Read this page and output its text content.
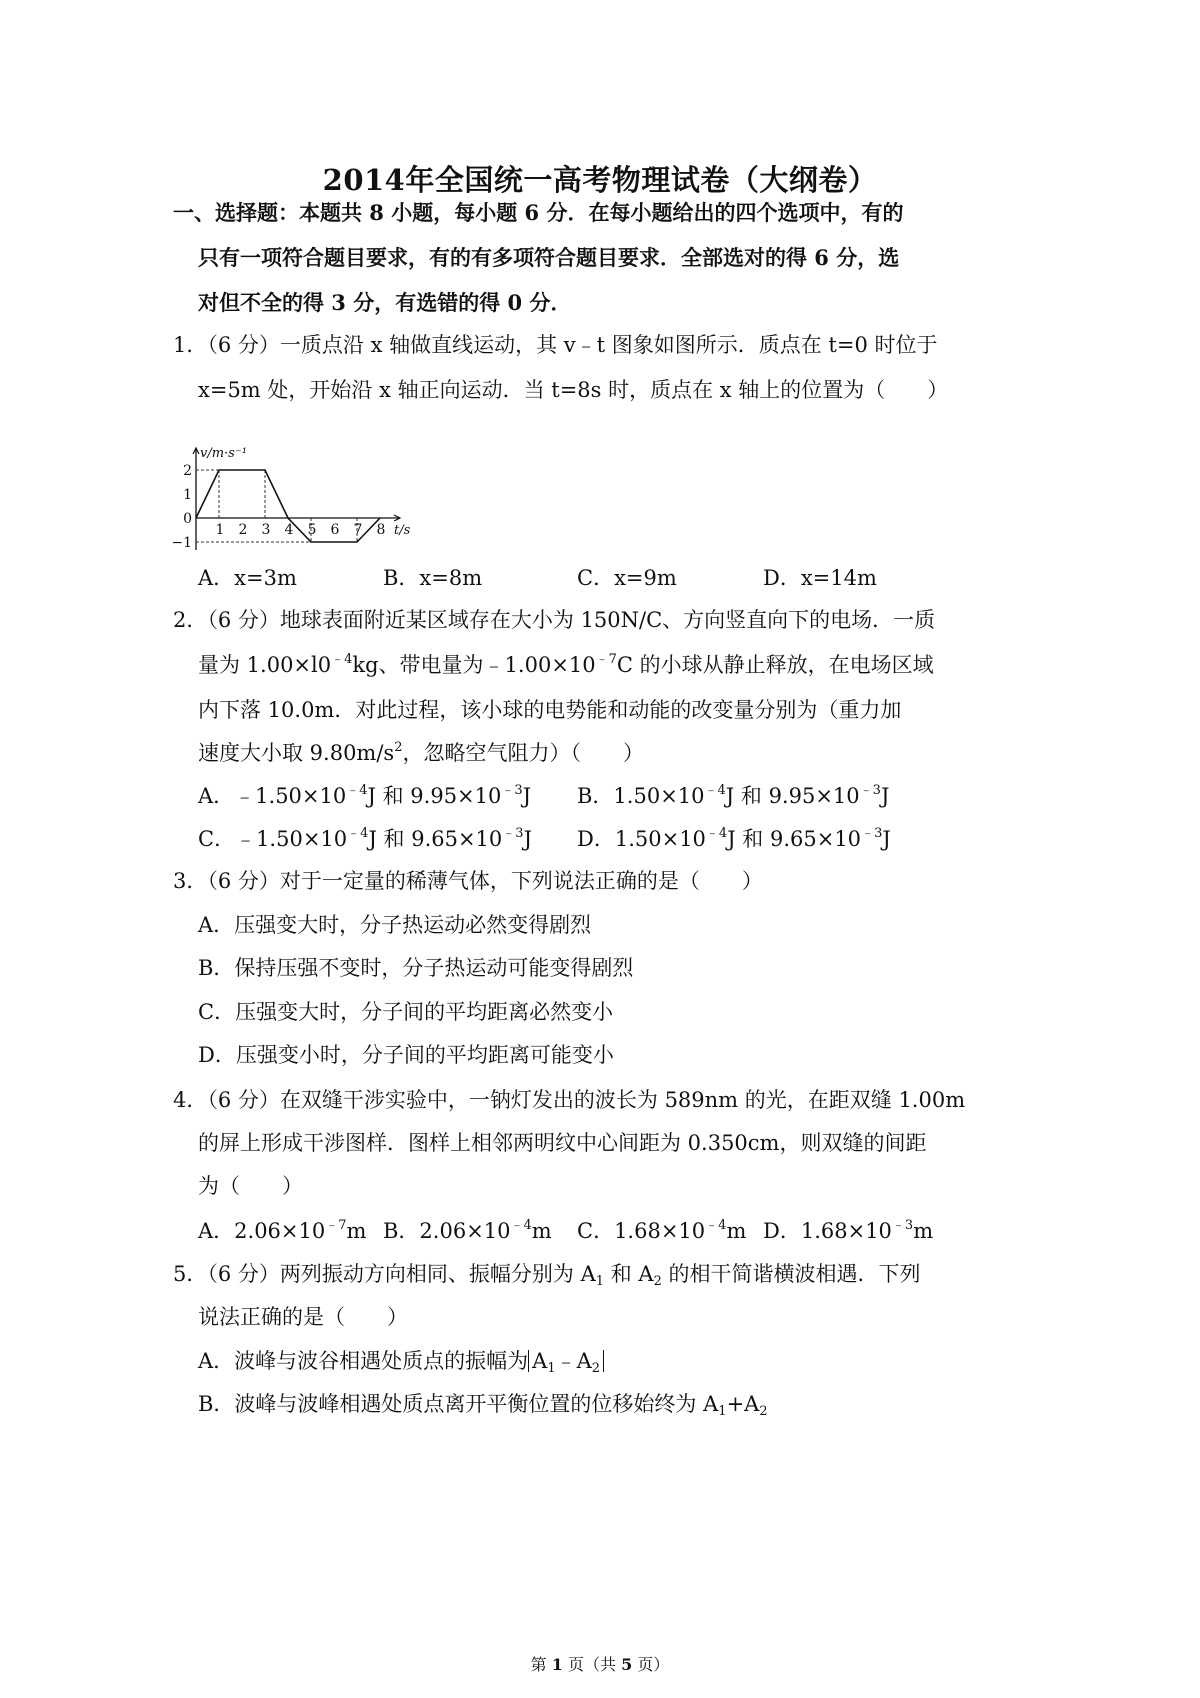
2014年全国统一高考物理试卷（大纲卷）
一、选择题：本题共 8 小题，每小题 6 分．在每小题给出的四个选项中，有的
只有一项符合题目要求，有的有多项符合题目要求．全部选对的得 6 分，选
对但不全的得 3 分，有选错的得 0 分．
1．（6 分）一质点沿 x 轴做直线运动，其 v﹣t 图象如图所示．质点在 t=0 时位于
x=5m 处，开始沿 x 轴正向运动．当 t=8s 时，质点在 x 轴上的位置为（　　）
1 2 3 4 5 6 7 8
2
1
0
−1
v/m·s⁻¹
t/s
A．x=3m	B．x=8m	C．x=9m	D．x=14m
2．（6 分）地球表面附近某区域存在大小为 150N/C、方向竖直向下的电场．一质
量为 $1.00\times l0^{﹣4}kg$、带电量为$﹣1.00\times 10^{﹣7}C$ 的小球从静止释放，在电场区域
内下落 10.0m．对此过程，该小球的电势能和动能的改变量分别为（重力加
速度大小取 $9.80m/s^2$，忽略空气阻力）（　　）
A．$﹣1.50\times 10^{﹣4}J$ 和 $9.95\times 10^{﹣3}J$ B．$1.50\times 10^{﹣4}J$ 和 $9.95\times 10^{﹣3}J$
C．$﹣1.50\times 10^{﹣4}J$ 和 $9.65\times 10^{﹣3}J$ D．$1.50\times 10^{﹣4}J$ 和 $9.65\times 10^{﹣3}J$
3．（6 分）对于一定量的稀薄气体，下列说法正确的是（　　）
A．压强变大时，分子热运动必然变得剧烈
B．保持压强不变时，分子热运动可能变得剧烈
C．压强变大时，分子间的平均距离必然变小
D．压强变小时，分子间的平均距离可能变小
4．（6 分）在双缝干涉实验中，一钠灯发出的波长为 589nm 的光，在距双缝 1.00m
的屏上形成干涉图样．图样上相邻两明纹中心间距为 0.350cm，则双缝的间距
为（　　）
A．$2.06\times 10^{﹣7}m$ B．$2.06\times 10^{﹣4}m$ C．$1.68\times 10^{﹣4}m$ D．$1.68\times 10^{﹣3}m$
5．（6 分）两列振动方向相同、振幅分别为 $A_1$ 和 $A_2$ 的相干简谐横波相遇．下列
说法正确的是（　　）
A．波峰与波谷相遇处质点的振幅为 $A_1﹣A_2$
B．波峰与波峰相遇处质点离开平衡位置的位移始终为 $A_1+A_2$
第 1 页（共 5 页）
